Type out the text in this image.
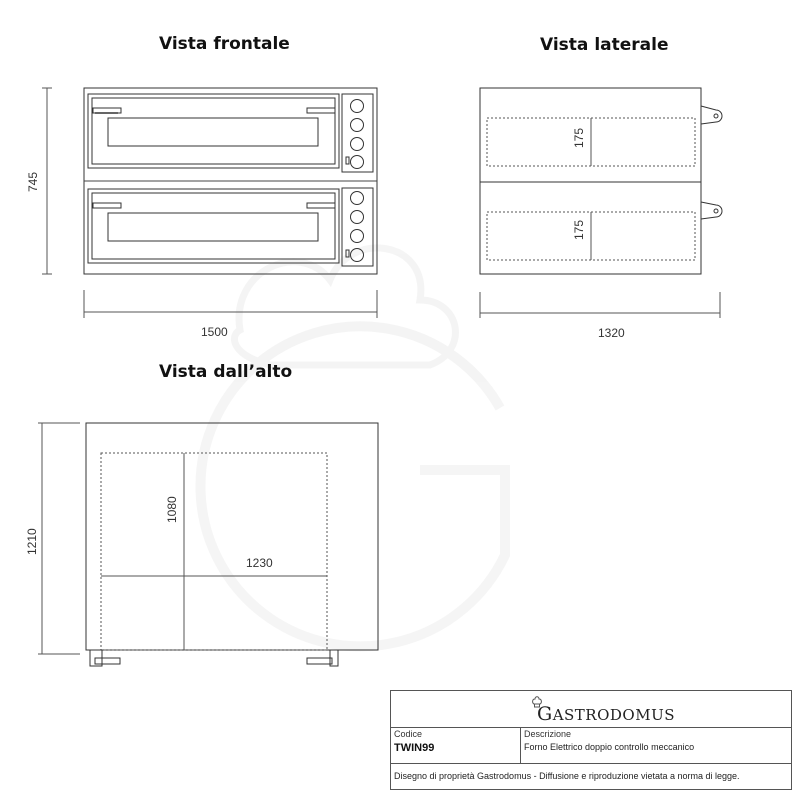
Vista frontale	Vista laterale
Vista dall’alto
745
1500
175
175
1320
1210
1080
1230
GASTRODOMUS
Codice
TWIN99
Descrizione
Forno Elettrico doppio controllo meccanico
Disegno di proprietà Gastrodomus - Diffusione e riproduzione vietata a norma di legge.
